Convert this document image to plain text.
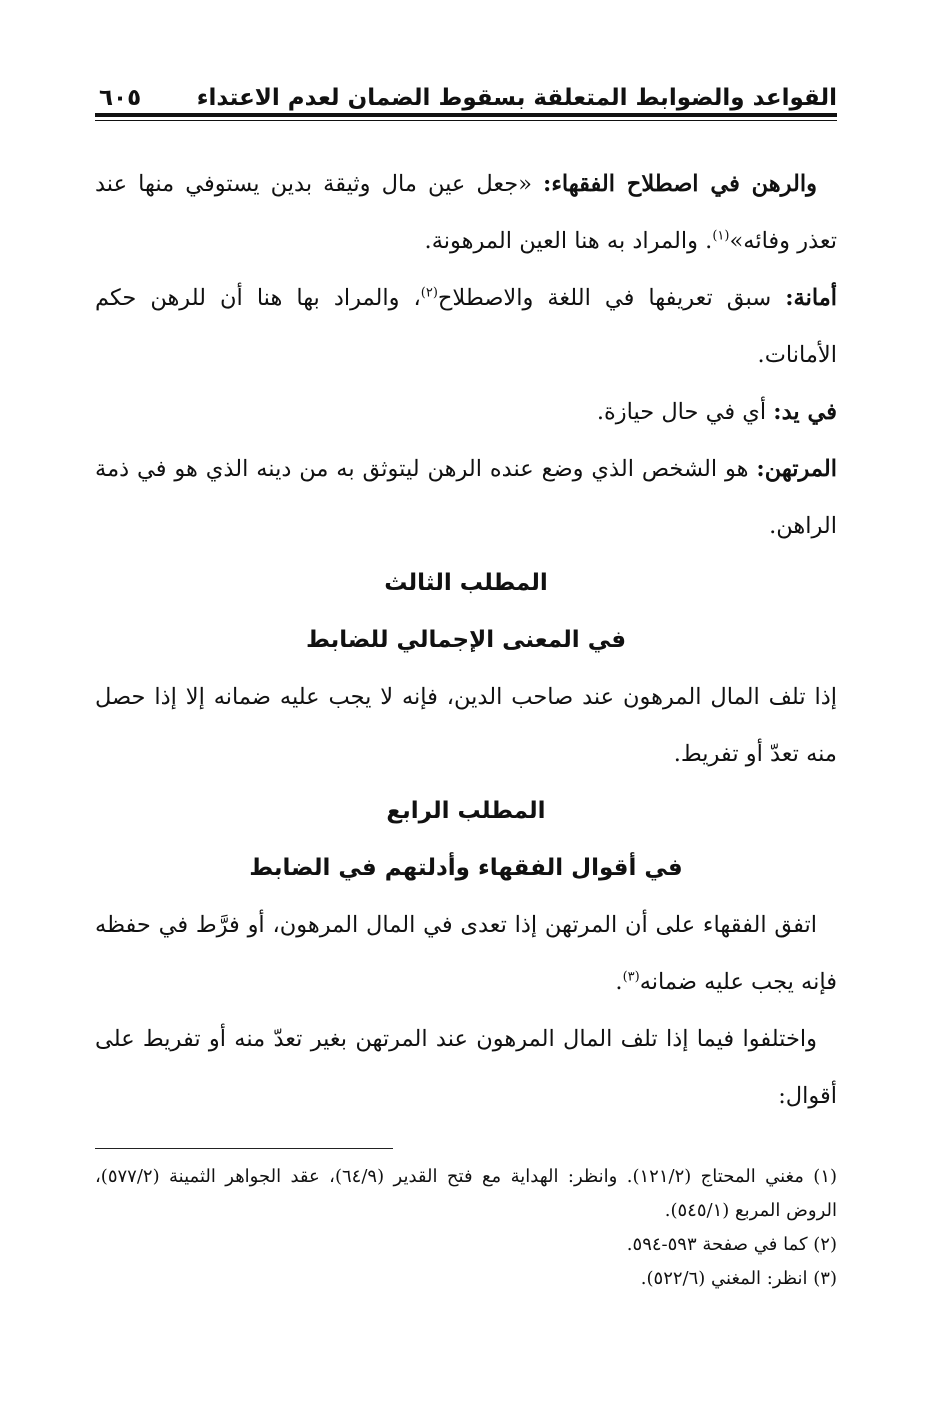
القواعد والضوابط المتعلقة بسقوط الضمان لعدم الاعتداء
٦٠٥

والرهن في اصطلاح الفقهاء: «جعل عين مال وثيقة بدين يستوفي منها عند تعذر وفائه»$^{(١)}$. والمراد به هنا العين المرهونة.

أمانة: سبق تعريفها في اللغة والاصطلاح$^{(٢)}$، والمراد بها هنا أن للرهن حكم الأمانات.

في يد: أي في حال حيازة.

المرتهن: هو الشخص الذي وضع عنده الرهن ليتوثق به من دينه الذي هو في ذمة الراهن.

المطلب الثالث
في المعنى الإجمالي للضابط

إذا تلف المال المرهون عند صاحب الدين، فإنه لا يجب عليه ضمانه إلا إذا حصل منه تعدّ أو تفريط.

المطلب الرابع
في أقوال الفقهاء وأدلتهم في الضابط

اتفق الفقهاء على أن المرتهن إذا تعدى في المال المرهون، أو فرَّط في حفظه فإنه يجب عليه ضمانه$^{(٣)}$.

واختلفوا فيما إذا تلف المال المرهون عند المرتهن بغير تعدّ منه أو تفريط على أقوال:

(١) مغني المحتاج (١٢١/٢). وانظر: الهداية مع فتح القدير (٦٤/٩)، عقد الجواهر الثمينة (٥٧٧/٢)، الروض المربع (٥٤٥/١).

(٢) كما في صفحة ٥٩٣-٥٩٤.

(٣) انظر: المغني (٥٢٢/٦).
